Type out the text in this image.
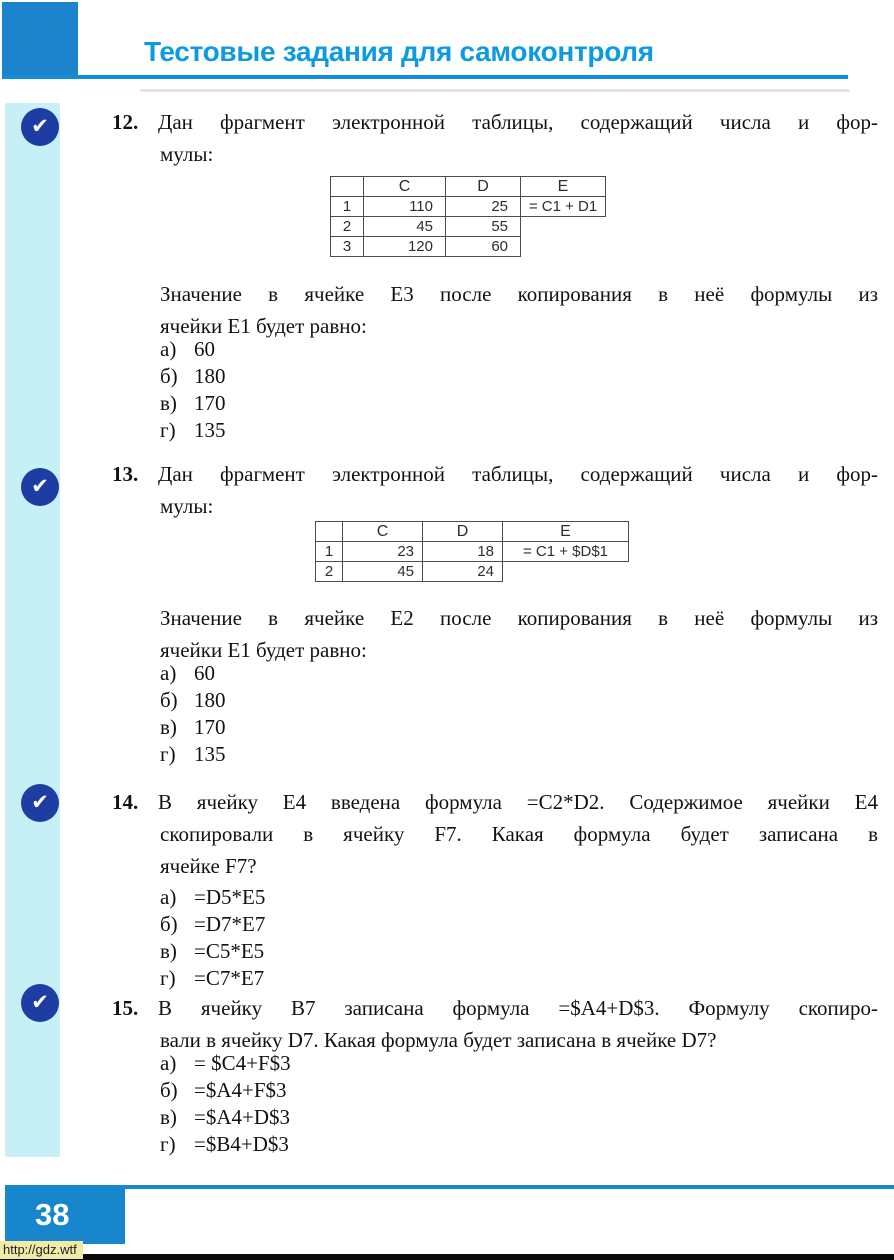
Тестовые задания для самоконтроля
✔
✔
✔
✔
12. Дан фрагмент электронной таблицы, содержащий числа и фор-
мулы:
	C	D	E
1	110	25	= C1 + D1
2	45	55	
3	120	60	
Значение в ячейке Е3 после копирования в неё формулы из
ячейки Е1 будет равно:
а) 60
б) 180
в) 170
г) 135
13. Дан фрагмент электронной таблицы, содержащий числа и фор-
мулы:
	C	D	E
1	23	18	= C1 + $D$1
2	45	24	
Значение в ячейке Е2 после копирования в неё формулы из
ячейки Е1 будет равно:
а) 60
б) 180
в) 170
г) 135
14. В ячейку Е4 введена формула =C2*D2. Содержимое ячейки Е4
скопировали в ячейку F7. Какая формула будет записана в
ячейке F7?
а) =D5*E5
б) =D7*E7
в) =C5*E5
г) =C7*E7
15. В ячейку B7 записана формула =$A4+D$3. Формулу скопиро-
вали в ячейку D7. Какая формула будет записана в ячейке D7?
а) = $C4+F$3
б) =$A4+F$3
в) =$A4+D$3
г) =$B4+D$3
38
http://gdz.wtf
